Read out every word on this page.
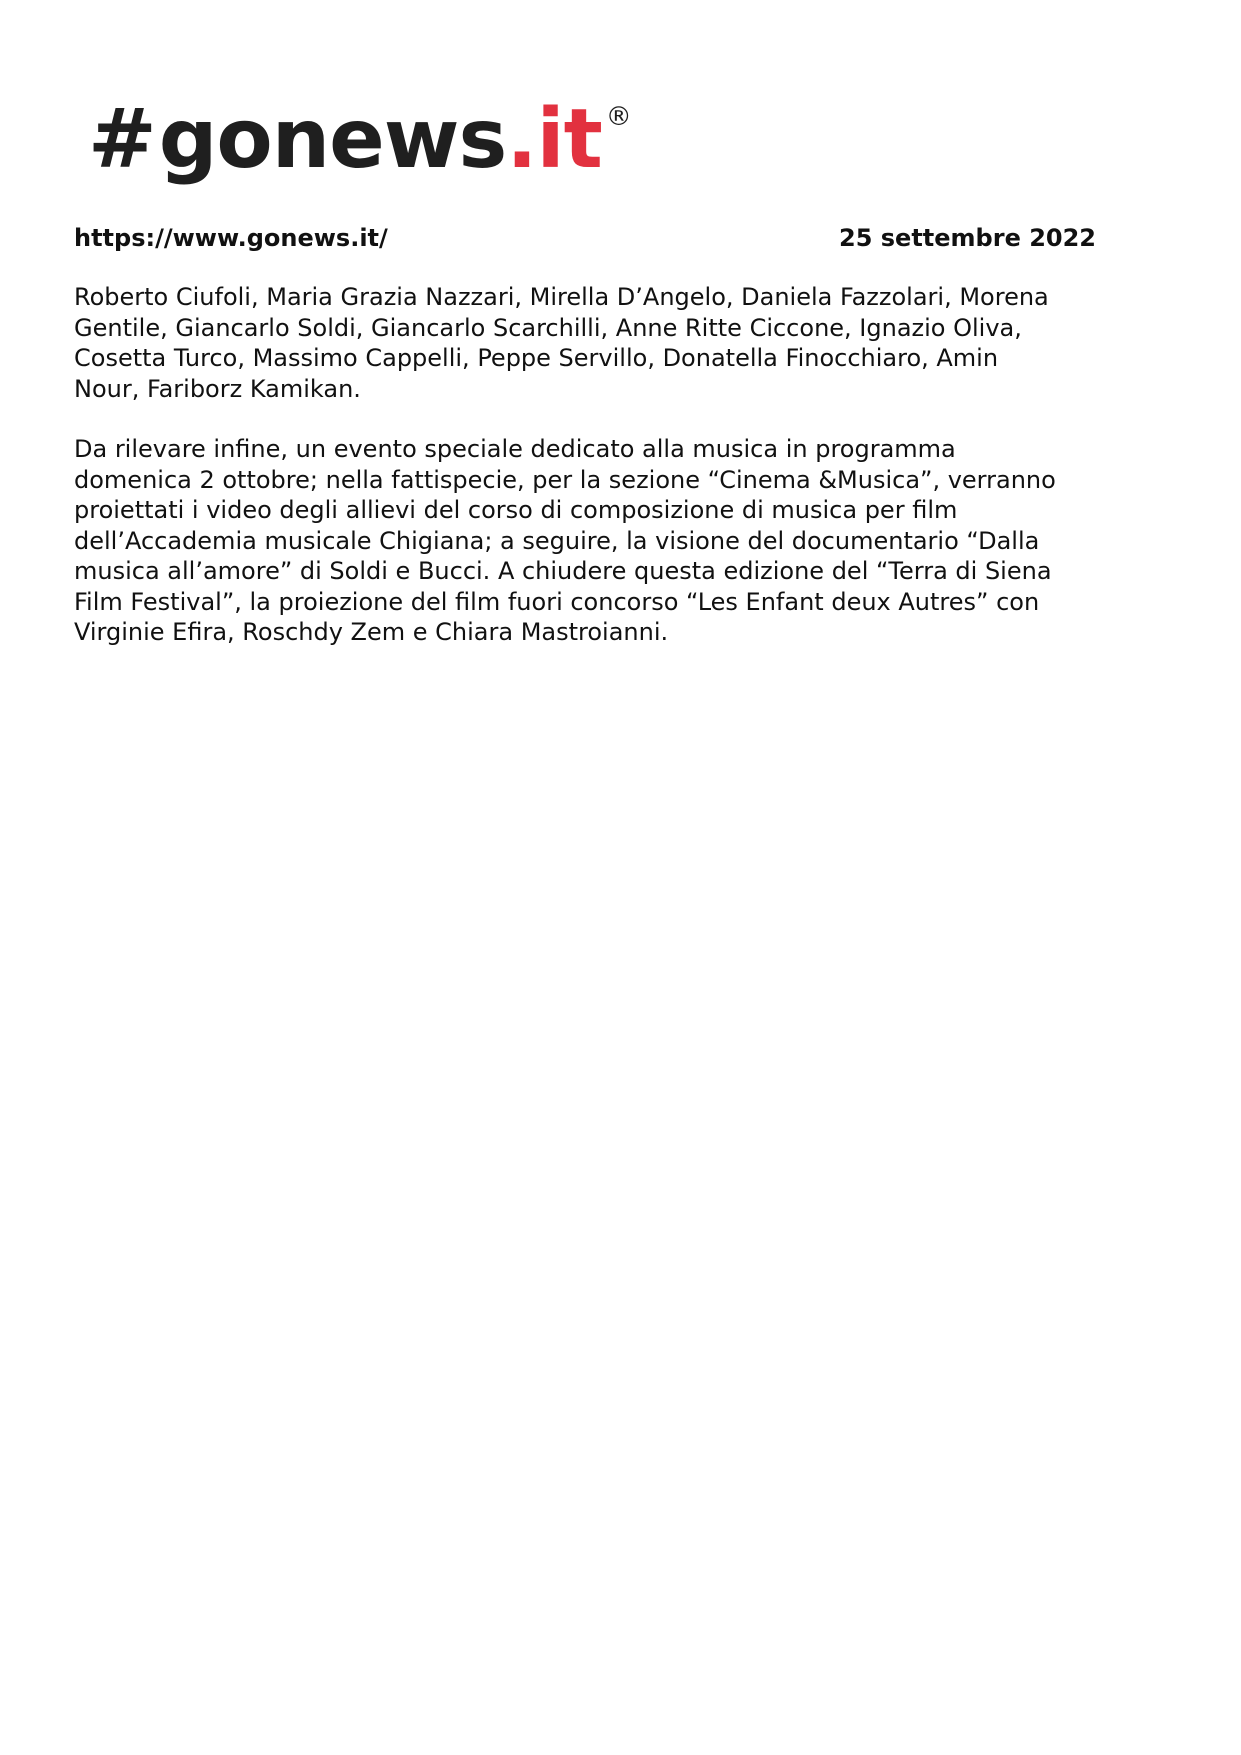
# gonews .it ®
https://www.gonews.it/	25 settembre 2022

Roberto Ciufoli, Maria Grazia Nazzari, Mirella D’Angelo, Daniela Fazzolari, Morena
Gentile, Giancarlo Soldi, Giancarlo Scarchilli, Anne Ritte Ciccone, Ignazio Oliva,
Cosetta Turco, Massimo Cappelli, Peppe Servillo, Donatella Finocchiaro, Amin
Nour, Fariborz Kamikan.

Da rilevare infine, un evento speciale dedicato alla musica in programma
domenica 2 ottobre; nella fattispecie, per la sezione “Cinema &Musica”, verranno
proiettati i video degli allievi del corso di composizione di musica per film
dell’Accademia musicale Chigiana; a seguire, la visione del documentario “Dalla
musica all’amore” di Soldi e Bucci. A chiudere questa edizione del “Terra di Siena
Film Festival”, la proiezione del film fuori concorso “Les Enfant deux Autres” con
Virginie Efira, Roschdy Zem e Chiara Mastroianni.
